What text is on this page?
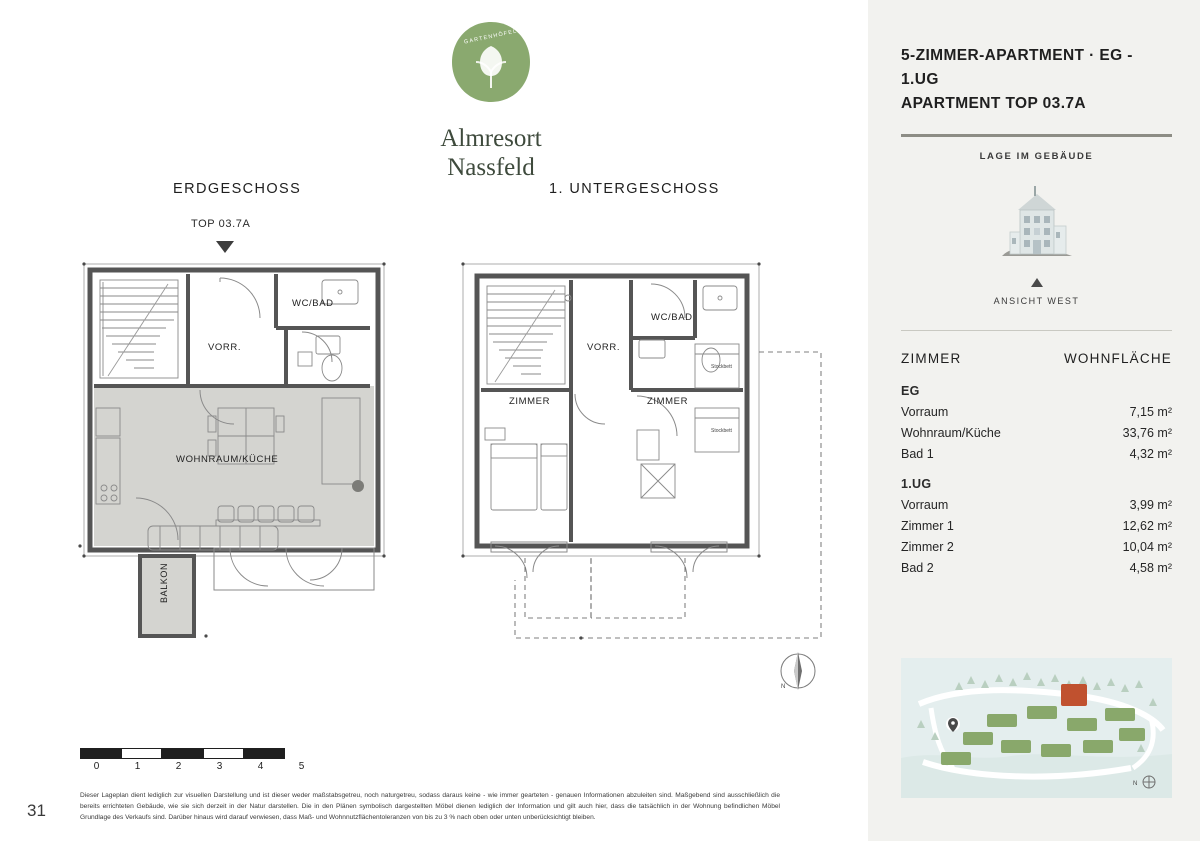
GARTENHÖFEL
Almresort
Nassfeld
ERDGESCHOSS	1. UNTERGESCHOSS
TOP 03.7A
VORR.
WC/BAD
WOHNRAUM/KÜCHE
BALKON
Stockbett
Stockbett
VORR.
WC/BAD
ZIMMER	ZIMMER
N
0	1	2	3	4	5
31
Dieser Lageplan dient lediglich zur visuellen Darstellung und ist dieser weder maßstabsgetreu, noch naturgetreu, sodass daraus keine - wie immer gearteten - genauen Informationen abzuleiten sind. Maßgebend sind ausschließlich die bereits errichteten Gebäude, wie sie sich derzeit in der Natur darstellen. Die in den Plänen symbolisch dargestellten Möbel dienen lediglich der Information und gilt auch hier, dass die tatsächlich in der Wohnung befindlichen Möbel Grundlage des Verkaufs sind. Darüber hinaus wird darauf verwiesen, dass Maß- und Wohnnutzflächentoleranzen von bis zu 3 % nach oben oder unten unberücksichtigt bleiben.
5-ZIMMER-APARTMENT · EG - 1.UG
APARTMENT TOP 03.7A
LAGE IM GEBÄUDE
ANSICHT WEST
ZIMMER	WOHNFLÄCHE
EG
Vorraum	7,15 m²
Wohnraum/Küche	33,76 m²
Bad 1	4,32 m²
1.UG
Vorraum	3,99 m²
Zimmer 1	12,62 m²
Zimmer 2	10,04 m²
Bad 2	4,58 m²
N
